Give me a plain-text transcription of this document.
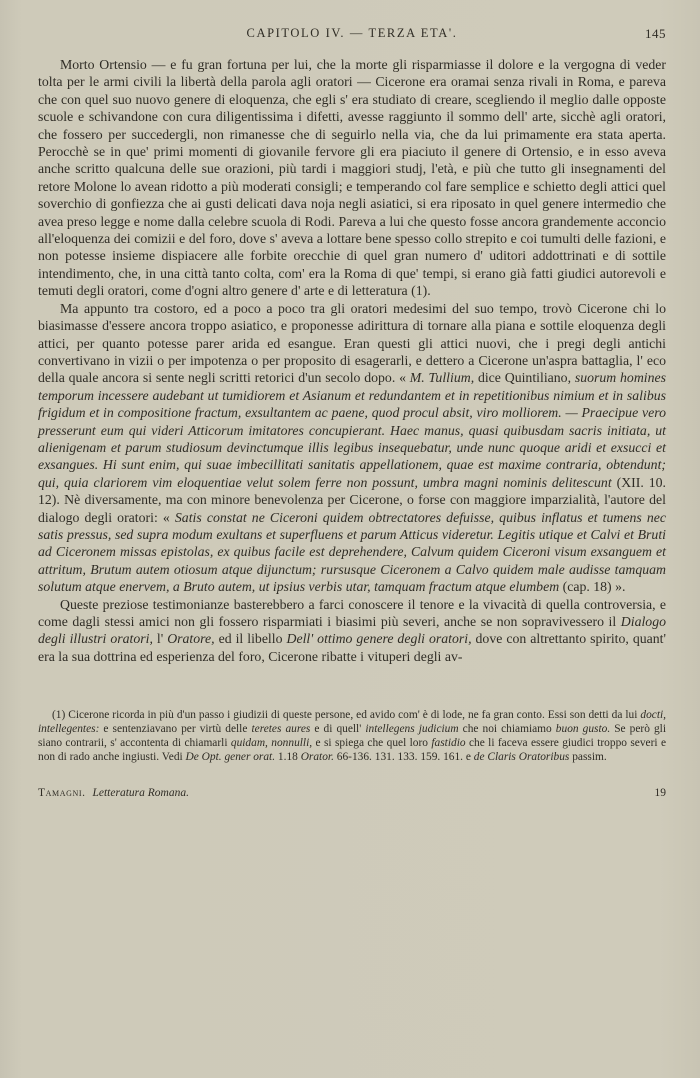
CAPITOLO IV. — TERZA ETA'.	145

Morto Ortensio — e fu gran fortuna per lui, che la morte gli risparmiasse il dolore e la vergogna di veder tolta per le armi civili la libertà della parola agli oratori — Cicerone era oramai senza rivali in Roma, e pareva che con quel suo nuovo genere di eloquenza, che egli s' era studiato di creare, scegliendo il meglio dalle opposte scuole e schivandone con cura diligentissima i difetti, avesse raggiunto il sommo dell' arte, sicchè agli oratori, che fossero per succedergli, non rimanesse che di seguirlo nella via, che da lui primamente era stata aperta. Perocchè se in que' primi momenti di giovanile fervore gli era piaciuto il genere di Ortensio, e in esso aveva anche scritto qualcuna delle sue orazioni, più tardi i maggiori studj, l'età, e più che tutto gli insegnamenti del retore Molone lo avean ridotto a più moderati consigli; e temperando col fare semplice e schietto degli attici quel soverchio di gonfiezza che ai gusti delicati dava noja negli asiatici, si era riposato in quel genere intermedio che avea preso legge e nome dalla celebre scuola di Rodi. Pareva a lui che questo fosse ancora grandemente acconcio all'eloquenza dei comizii e del foro, dove s' aveva a lottare bene spesso collo strepito e coi tumulti delle fazioni, e non potesse insieme dispiacere alle forbite orecchie di quel gran numero d' uditori addottrinati e di sottile intendimento, che, in una città tanto colta, com' era la Roma di que' tempi, si erano già fatti giudici autorevoli e temuti degli oratori, come d'ogni altro genere d' arte e di letteratura (1).

Ma appunto tra costoro, ed a poco a poco tra gli oratori medesimi del suo tempo, trovò Cicerone chi lo biasimasse d'essere ancora troppo asiatico, e proponesse adirittura di tornare alla piana e sottile eloquenza degli attici, per quanto potesse parer arida ed esangue. Eran questi gli attici nuovi, che i pregi degli antichi convertivano in vizii o per impotenza o per proposito di esagerarli, e dettero a Cicerone un'aspra battaglia, l' eco della quale ancora si sente negli scritti retorici d'un secolo dopo. « M. Tullium, dice Quintiliano, suorum homines temporum incessere audebant ut tumidiorem et Asianum et redundantem et in repetitionibus nimium et in salibus frigidum et in compositione fractum, exsultantem ac paene, quod procul absit, viro molliorem. — Praecipue vero presserunt eum qui videri Atticorum imitatores concupierant. Haec manus, quasi quibusdam sacris initiata, ut alienigenam et parum studiosum devinctumque illis legibus insequebatur, unde nunc quoque aridi et exsucci et exsangues. Hi sunt enim, qui suae imbecillitati sanitatis appellationem, quae est maxime contraria, obtendunt; qui, quia clariorem vim eloquentiae velut solem ferre non possunt, umbra magni nominis delitescunt (XII. 10. 12). Nè diversamente, ma con minore benevolenza per Cicerone, o forse con maggiore imparzialità, l'autore del dialogo degli oratori: « Satis constat ne Ciceroni quidem obtrectatores defuisse, quibus inflatus et tumens nec satis pressus, sed supra modum exultans et superfluens et parum Atticus videretur. Legitis utique et Calvi et Bruti ad Ciceronem missas epistolas, ex quibus facile est deprehendere, Calvum quidem Ciceroni visum exsanguem et attritum, Brutum autem otiosum atque dijunctum; rursusque Ciceronem a Calvo quidem male audisse tamquam solutum atque enervem, a Bruto autem, ut ipsius verbis utar, tamquam fractum atque elumbem (cap. 18) ».

Queste preziose testimonianze basterebbero a farci conoscere il tenore e la vivacità di quella controversia, e come dagli stessi amici non gli fossero risparmiati i biasimi più severi, anche se non sopravivessero il Dialogo degli illustri oratori, l' Oratore, ed il libello Dell' ottimo genere degli oratori, dove con altrettanto spirito, quant' era la sua dottrina ed esperienza del foro, Cicerone ribatte i vituperi degli av-

(1) Cicerone ricorda in più d'un passo i giudizii di queste persone, ed avido com' è di lode, ne fa gran conto. Essi son detti da lui docti, intellegentes: e sentenziavano per virtù delle teretes aures e di quell' intellegens judicium che noi chiamiamo buon gusto. Se però gli siano contrarii, s' accontenta di chiamarli quidam, nonnulli, e si spiega che quel loro fastidio che li faceva essere giudici troppo severi e non di rado anche ingiusti. Vedi De Opt. gener orat. 1.18 Orator. 66-136. 131. 133. 159. 161. e de Claris Oratoribus passim.

Tamagni. Letteratura Romana.	19
